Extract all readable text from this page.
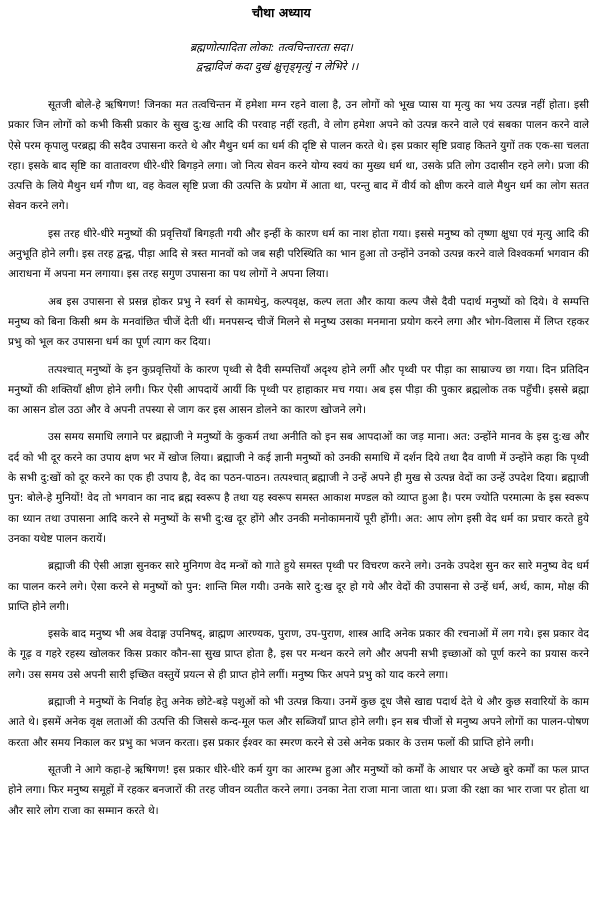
चौथा अध्याय
ब्रह्मणोत्पादिता लोका: तत्वचिन्तारता सदा।
द्वन्द्वादिजं कदा दुखं क्षुत्तृड्मृत्युं न लेभिरे ।।

सूतजी बोले-हे ऋषिगण! जिनका मत तत्वचिन्तन में हमेशा मग्न रहने वाला है, उन लोगों को भूख प्यास या मृत्यु का भय उत्पन्न नहीं होता। इसी प्रकार जिन लोगों को कभी किसी प्रकार के सुख दु:ख आदि की परवाह नहीं रहती, वे लोग हमेशा अपने को उत्पन्न करने वाले एवं सबका पालन करने वाले ऐसे परम कृपालु परब्रह्म की सदैव उपासना करते थे और मैथुन धर्म का धर्म की दृष्टि से पालन करते थे। इस प्रकार सृष्टि प्रवाह कितने युगों तक एक-सा चलता रहा। इसके बाद सृष्टि का वातावरण धीरे-धीरे बिगड़ने लगा। जो नित्य सेवन करने योग्य स्वयं का मुख्य धर्म था, उसके प्रति लोग उदासीन रहने लगे। प्रजा की उत्पत्ति के लिये मैथुन धर्म गौण था, वह केवल सृष्टि प्रजा की उत्पत्ति के प्रयोग में आता था, परन्तु बाद में वीर्य को क्षीण करने वाले मैथुन धर्म का लोग सतत सेवन करने लगे।

इस तरह धीरे-धीरे मनुष्यों की प्रवृत्तियाँ बिगड़ती गयी और इन्हीं के कारण धर्म का नाश होता गया। इससे मनुष्य को तृष्णा क्षुधा एवं मृत्यु आदि की अनुभूति होने लगी। इस तरह द्वन्द्व, पीड़ा आदि से त्रस्त मानवों को जब सही परिस्थिति का भान हुआ तो उन्होंने उनको उत्पन्न करने वाले विश्वकर्मा भगवान की आराधना में अपना मन लगाया। इस तरह सगुण उपासना का पथ लोगों ने अपना लिया।

अब इस उपासना से प्रसन्न होकर प्रभु ने स्वर्ग से कामधेनु, कल्पवृक्ष, कल्प लता और काया कल्प जैसे दैवी पदार्थ मनुष्यों को दिये। वे सम्पत्ति मनुष्य को बिना किसी श्रम के मनवांछित चीजें देती थीं। मनपसन्द चीजें मिलने से मनुष्य उसका मनमाना प्रयोग करने लगा और भोग-विलास में लिप्त रहकर प्रभु को भूल कर उपासना धर्म का पूर्ण त्याग कर दिया।

तत्पश्चात् मनुष्यों के इन कुप्रवृत्तियों के कारण पृथ्वी से दैवी सम्पत्तियाँ अदृश्य होने लगीं और पृथ्वी पर पीड़ा का साम्राज्य छा गया। दिन प्रतिदिन मनुष्यों की शक्तियाँ क्षीण होने लगी। फिर ऐसी आपदायें आयीं कि पृथ्वी पर हाहाकार मच गया। अब इस पीड़ा की पुकार ब्रह्मलोक तक पहुँची। इससे ब्रह्मा का आसन डोल उठा और वे अपनी तपस्या से जाग कर इस आसन डोलने का कारण खोजने लगे।

उस समय समाधि लगाने पर ब्रह्माजी ने मनुष्यों के कुकर्म तथा अनीति को इन सब आपदाओं का जड़ माना। अत: उन्होंने मानव के इस दु:ख और दर्द को भी दूर करने का उपाय क्षण भर में खोज लिया। ब्रह्माजी ने कई ज्ञानी मनुष्यों को उनकी समाधि में दर्शन दिये तथा दैव वाणी में उन्होंने कहा कि पृथ्वी के सभी दु:खों को दूर करने का एक ही उपाय है, वेद का पठन-पाठन। तत्पश्चात् ब्रह्माजी ने उन्हें अपने ही मुख से उत्पन्न वेदों का उन्हें उपदेश दिया। ब्रह्माजी पुन: बोले-हे मुनियों! वेद तो भगवान का नाद ब्रह्म स्वरूप है तथा यह स्वरूप समस्त आकाश मण्डल को व्याप्त हुआ है। परम ज्योति परमात्मा के इस स्वरूप का ध्यान तथा उपासना आदि करने से मनुष्यों के सभी दु:ख दूर होंगे और उनकी मनोकामनायें पूरी होंगी। अत: आप लोग इसी वेद धर्म का प्रचार करते हुये उनका यथेष्ट पालन करायें।

ब्रह्माजी की ऐसी आज्ञा सुनकर सारे मुनिगण वेद मन्त्रों को गाते हुये समस्त पृथ्वी पर विचरण करने लगे। उनके उपदेश सुन कर सारे मनुष्य वेद धर्म का पालन करने लगे। ऐसा करने से मनुष्यों को पुन: शान्ति मिल गयी। उनके सारे दु:ख दूर हो गये और वेदों की उपासना से उन्हें धर्म, अर्थ, काम, मोक्ष की प्राप्ति होने लगी।

इसके बाद मनुष्य भी अब वेदाङ्ग उपनिषद्, ब्राह्मण आरण्यक, पुराण, उप-पुराण, शास्त्र आदि अनेक प्रकार की रचनाओं में लग गये। इस प्रकार वेद के गूढ़ व गहरे रहस्य खोलकर किस प्रकार कौन-सा सुख प्राप्त होता है, इस पर मन्थन करने लगे और अपनी सभी इच्छाओं को पूर्ण करने का प्रयास करने लगे। उस समय उसे अपनी सारी इच्छित वस्तुयें प्रयत्न से ही प्राप्त होने लगीं। मनुष्य फिर अपने प्रभु को याद करने लगा।

ब्रह्माजी ने मनुष्यों के निर्वाह हेतु अनेक छोटे-बड़े पशुओं को भी उत्पन्न किया। उनमें कुछ दूध जैसे खाद्य पदार्थ देते थे और कुछ सवारियों के काम आते थे। इसमें अनेक वृक्ष लताओं की उत्पत्ति की जिससे कन्द-मूल फल और सब्जियाँ प्राप्त होने लगी। इन सब चीजों से मनुष्य अपने लोगों का पालन-पोषण करता और समय निकाल कर प्रभु का भजन करता। इस प्रकार ईश्वर का स्मरण करने से उसे अनेक प्रकार के उत्तम फलों की प्राप्ति होने लगी।

सूतजी ने आगे कहा-हे ऋषिगण! इस प्रकार धीरे-धीरे कर्म युग का आरम्भ हुआ और मनुष्यों को कर्मों के आधार पर अच्छे बुरे कर्मों का फल प्राप्त होने लगा। फिर मनुष्य समूहों में रहकर बनजारों की तरह जीवन व्यतीत करने लगा। उनका नेता राजा माना जाता था। प्रजा की रक्षा का भार राजा पर होता था और सारे लोग राजा का सम्मान करते थे।
